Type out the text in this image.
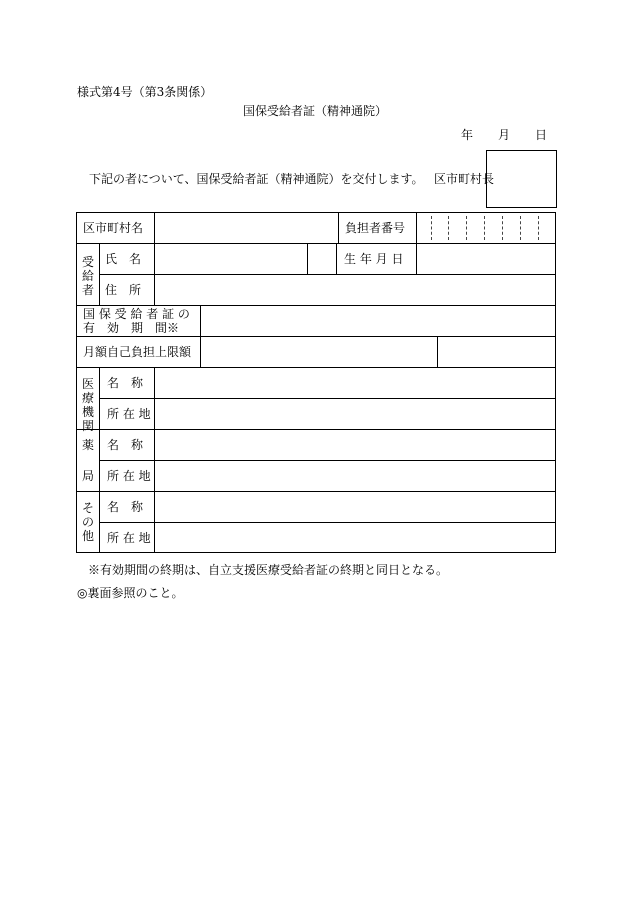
様式第4号（第3条関係）
国保受給者証（精神通院）
年 月 日
下記の者について、国保受給者証（精神通院）を交付します。 区市町村長
区市町村名	負担者番号
受給者
氏　名	生 年 月 日
住　所
国 保 受 給 者 証 の
有　効　期　間※
月額自己負担上限額
医療機関
名　称
所 在 地
薬
局
名　称
所 在 地
その他
名　称
所 在 地
※有効期間の終期は、自立支援医療受給者証の終期と同日となる。
◎裏面参照のこと。
